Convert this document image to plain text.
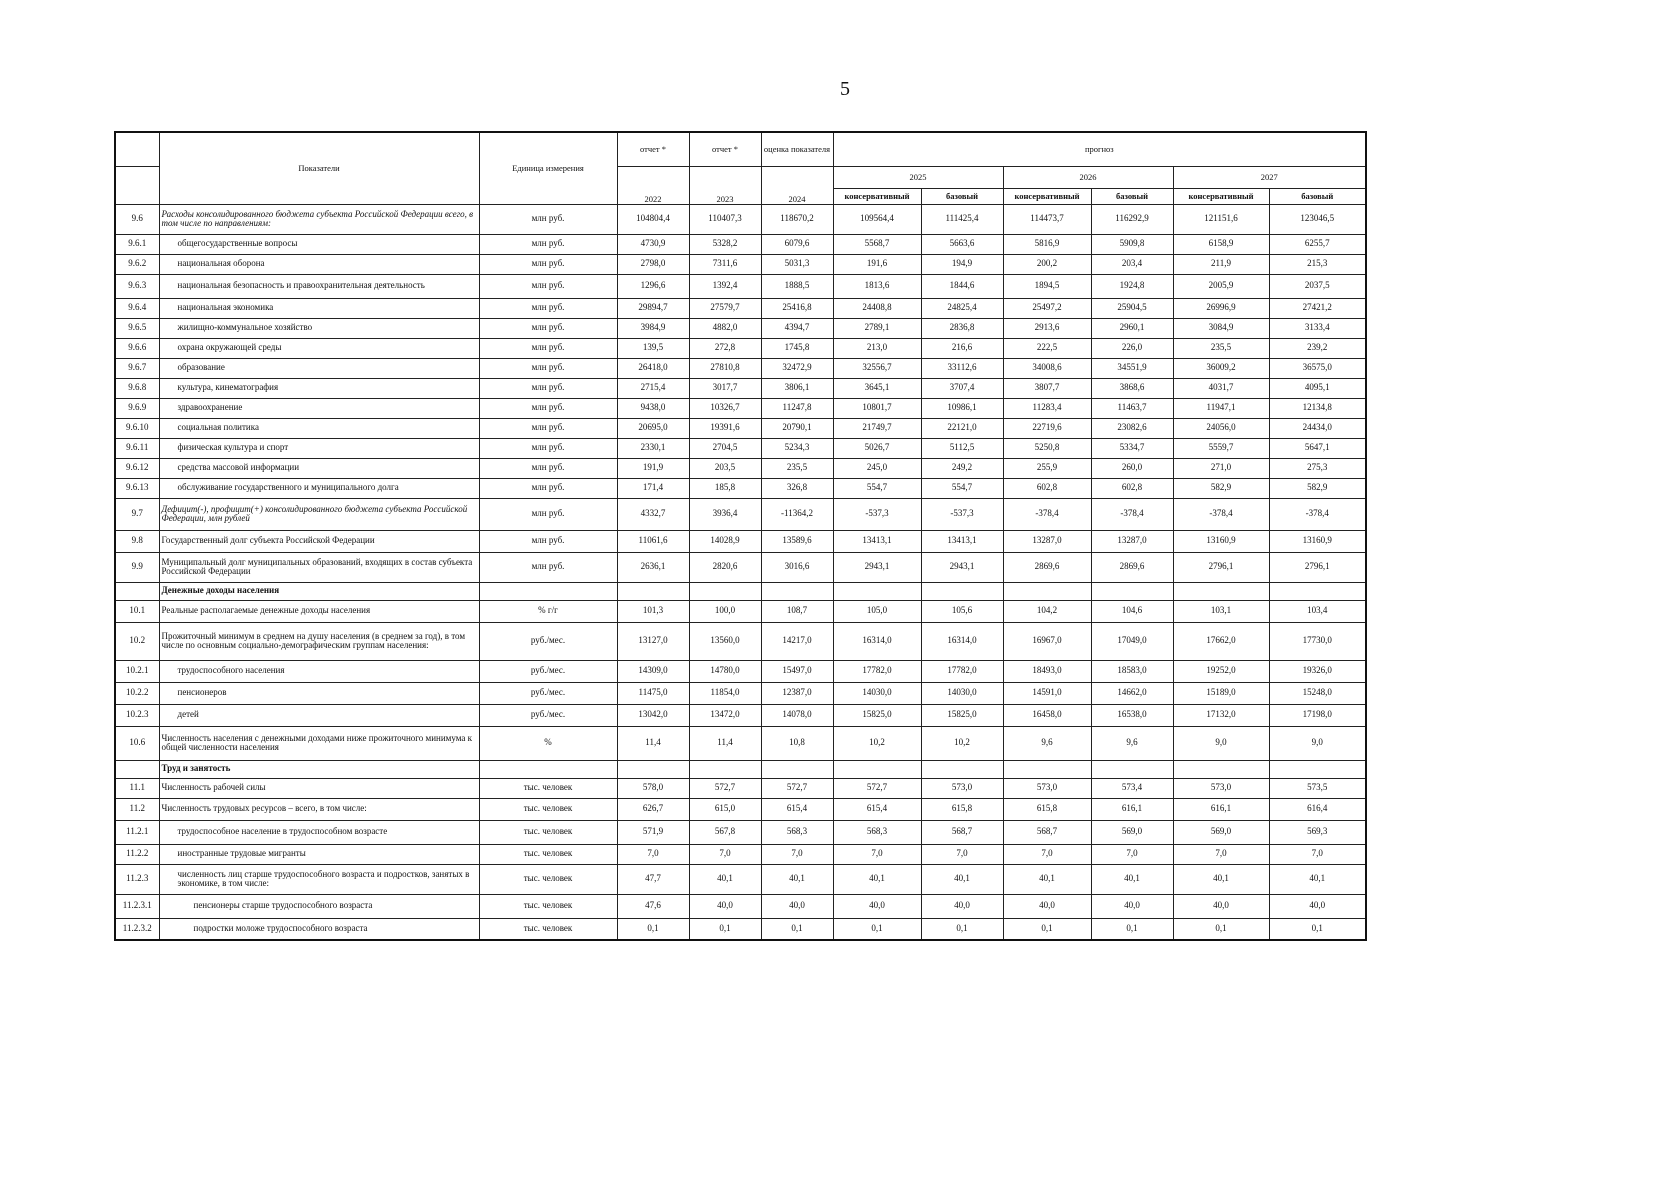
5
	Показатели	Единица измерения	отчет *	отчет *	оценка показателя	прогноз					
			2022	2023	2024	2025		2026		2027	
						консервативный	базовый	консервативный	базовый	консервативный	базовый
9.6	Расходы консолидированного бюджета субъекта Российской Федерации всего, в том числе по направлениям:	млн руб.	104804,4	110407,3	118670,2	109564,4	111425,4	114473,7	116292,9	121151,6	123046,5
9.6.1	общегосударственные вопросы	млн руб.	4730,9	5328,2	6079,6	5568,7	5663,6	5816,9	5909,8	6158,9	6255,7
9.6.2	национальная оборона	млн руб.	2798,0	7311,6	5031,3	191,6	194,9	200,2	203,4	211,9	215,3
9.6.3	национальная безопасность и правоохранительная деятельность	млн руб.	1296,6	1392,4	1888,5	1813,6	1844,6	1894,5	1924,8	2005,9	2037,5
9.6.4	национальная экономика	млн руб.	29894,7	27579,7	25416,8	24408,8	24825,4	25497,2	25904,5	26996,9	27421,2
9.6.5	жилищно-коммунальное хозяйство	млн руб.	3984,9	4882,0	4394,7	2789,1	2836,8	2913,6	2960,1	3084,9	3133,4
9.6.6	охрана окружающей среды	млн руб.	139,5	272,8	1745,8	213,0	216,6	222,5	226,0	235,5	239,2
9.6.7	образование	млн руб.	26418,0	27810,8	32472,9	32556,7	33112,6	34008,6	34551,9	36009,2	36575,0
9.6.8	культура, кинематография	млн руб.	2715,4	3017,7	3806,1	3645,1	3707,4	3807,7	3868,6	4031,7	4095,1
9.6.9	здравоохранение	млн руб.	9438,0	10326,7	11247,8	10801,7	10986,1	11283,4	11463,7	11947,1	12134,8
9.6.10	социальная политика	млн руб.	20695,0	19391,6	20790,1	21749,7	22121,0	22719,6	23082,6	24056,0	24434,0
9.6.11	физическая культура и спорт	млн руб.	2330,1	2704,5	5234,3	5026,7	5112,5	5250,8	5334,7	5559,7	5647,1
9.6.12	средства массовой информации	млн руб.	191,9	203,5	235,5	245,0	249,2	255,9	260,0	271,0	275,3
9.6.13	обслуживание государственного и муниципального долга	млн руб.	171,4	185,8	326,8	554,7	554,7	602,8	602,8	582,9	582,9
9.7	Дефицит(-), профицит(+) консолидированного бюджета субъекта Российской Федерации, млн рублей	млн руб.	4332,7	3936,4	-11364,2	-537,3	-537,3	-378,4	-378,4	-378,4	-378,4
9.8	Государственный долг субъекта Российской Федерации	млн руб.	11061,6	14028,9	13589,6	13413,1	13413,1	13287,0	13287,0	13160,9	13160,9
9.9	Муниципальный долг муниципальных образований, входящих в состав субъекта Российской Федерации	млн руб.	2636,1	2820,6	3016,6	2943,1	2943,1	2869,6	2869,6	2796,1	2796,1
	Денежные доходы населения										
10.1	Реальные располагаемые денежные доходы населения	% г/г	101,3	100,0	108,7	105,0	105,6	104,2	104,6	103,1	103,4
10.2	Прожиточный минимум в среднем на душу населения (в среднем за год), в том числе по основным социально-демографическим группам населения:	руб./мес.	13127,0	13560,0	14217,0	16314,0	16314,0	16967,0	17049,0	17662,0	17730,0
10.2.1	трудоспособного населения	руб./мес.	14309,0	14780,0	15497,0	17782,0	17782,0	18493,0	18583,0	19252,0	19326,0
10.2.2	пенсионеров	руб./мес.	11475,0	11854,0	12387,0	14030,0	14030,0	14591,0	14662,0	15189,0	15248,0
10.2.3	детей	руб./мес.	13042,0	13472,0	14078,0	15825,0	15825,0	16458,0	16538,0	17132,0	17198,0
10.6	Численность населения с денежными доходами ниже прожиточного минимума к общей численности населения	%	11,4	11,4	10,8	10,2	10,2	9,6	9,6	9,0	9,0
	Труд и занятость										
11.1	Численность рабочей силы	тыс. человек	578,0	572,7	572,7	572,7	573,0	573,0	573,4	573,0	573,5
11.2	Численность трудовых ресурсов – всего, в том числе:	тыс. человек	626,7	615,0	615,4	615,4	615,8	615,8	616,1	616,1	616,4
11.2.1	трудоспособное население в трудоспособном возрасте	тыс. человек	571,9	567,8	568,3	568,3	568,7	568,7	569,0	569,0	569,3
11.2.2	иностранные трудовые мигранты	тыс. человек	7,0	7,0	7,0	7,0	7,0	7,0	7,0	7,0	7,0
11.2.3	численность лиц старше трудоспособного возраста и подростков, занятых в экономике, в том числе:	тыс. человек	47,7	40,1	40,1	40,1	40,1	40,1	40,1	40,1	40,1
11.2.3.1	пенсионеры старше трудоспособного возраста	тыс. человек	47,6	40,0	40,0	40,0	40,0	40,0	40,0	40,0	40,0
11.2.3.2	подростки моложе трудоспособного возраста	тыс. человек	0,1	0,1	0,1	0,1	0,1	0,1	0,1	0,1	0,1
